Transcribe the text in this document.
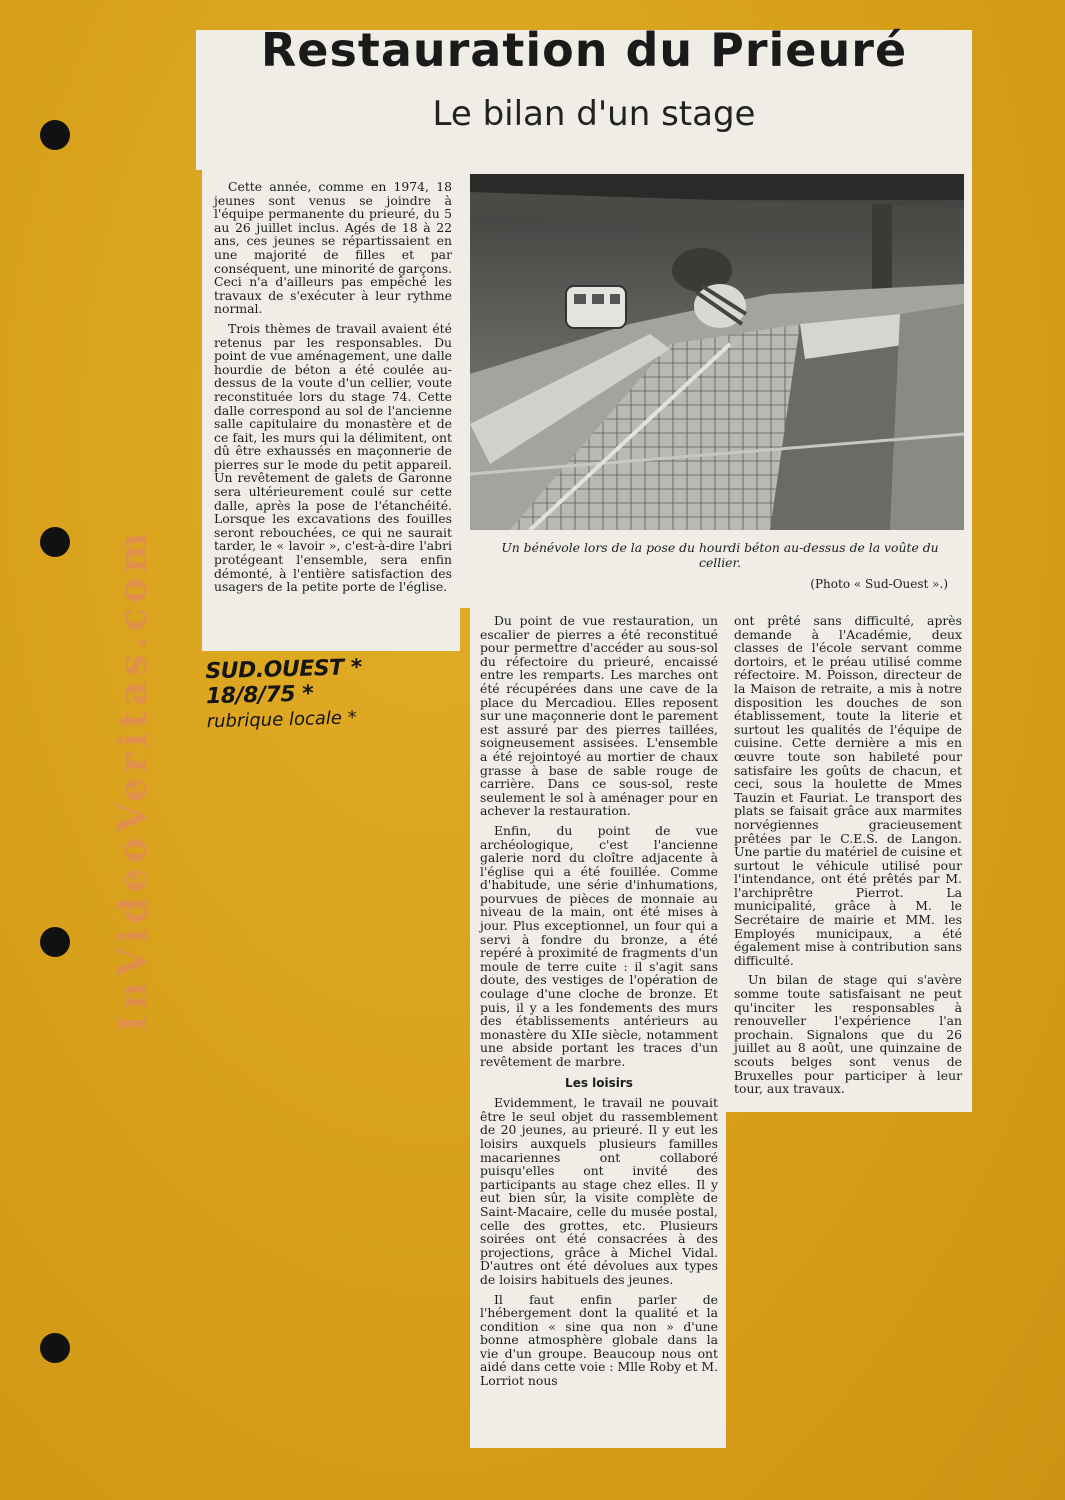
InVideoVeritas.com
Restauration du Prieuré
Le bilan d'un stage

Cette année, comme en 1974, 18 jeunes sont venus se joindre à l'équipe permanente du prieuré, du 5 au 26 juillet inclus. Agés de 18 à 22 ans, ces jeunes se répartissaient en une majorité de filles et par conséquent, une minorité de garçons. Ceci n'a d'ailleurs pas empêché les travaux de s'exécuter à leur rythme normal.

Trois thèmes de travail avaient été retenus par les responsables. Du point de vue aménagement, une dalle hourdie de béton a été coulée au-dessus de la voute d'un cellier, voute reconstituée lors du stage 74. Cette dalle correspond au sol de l'ancienne salle capitulaire du monastère et de ce fait, les murs qui la délimitent, ont dû être exhaussés en maçonnerie de pierres sur le mode du petit appareil. Un revêtement de galets de Garonne sera ultérieurement coulé sur cette dalle, après la pose de l'étanchéité. Lorsque les excavations des fouilles seront rebouchées, ce qui ne saurait tarder, le « lavoir », c'est-à-dire l'abri protégeant l'ensemble, sera enfin démonté, à l'entière satisfaction des usagers de la petite porte de l'église.

Un bénévole lors de la pose du hourdi béton au-dessus de la voûte du cellier.
(Photo « Sud-Ouest ».)
SUD.OUEST * 18/8/75 *
rubrique locale *

Du point de vue restauration, un escalier de pierres a été reconstitué pour permettre d'accéder au sous-sol du réfectoire du prieuré, encaissé entre les remparts. Les marches ont été récupérées dans une cave de la place du Mercadiou. Elles reposent sur une maçonnerie dont le parement est assuré par des pierres taillées, soigneusement assisées. L'ensemble a été rejointoyé au mortier de chaux grasse à base de sable rouge de carrière. Dans ce sous-sol, reste seulement le sol à aménager pour en achever la restauration.

Enfin, du point de vue archéologique, c'est l'ancienne galerie nord du cloître adjacente à l'église qui a été fouillée. Comme d'habitude, une série d'inhumations, pourvues de pièces de monnaie au niveau de la main, ont été mises à jour. Plus exceptionnel, un four qui a servi à fondre du bronze, a été repéré à proximité de fragments d'un moule de terre cuite : il s'agit sans doute, des vestiges de l'opération de coulage d'une cloche de bronze. Et puis, il y a les fondements des murs des établissements antérieurs au monastère du XIIe siècle, notamment une abside portant les traces d'un revêtement de marbre.

Les loisirs

Evidemment, le travail ne pouvait être le seul objet du rassemblement de 20 jeunes, au prieuré. Il y eut les loisirs auxquels plusieurs familles macariennes ont collaboré puisqu'elles ont invité des participants au stage chez elles. Il y eut bien sûr, la visite complète de Saint-Macaire, celle du musée postal, celle des grottes, etc. Plusieurs soirées ont été consacrées à des projections, grâce à Michel Vidal. D'autres ont été dévolues aux types de loisirs habituels des jeunes.

Il faut enfin parler de l'hébergement dont la qualité et la condition « sine qua non » d'une bonne atmosphère globale dans la vie d'un groupe. Beaucoup nous ont aidé dans cette voie : Mlle Roby et M. Lorriot nous

ont prêté sans difficulté, après demande à l'Académie, deux classes de l'école servant comme dortoirs, et le préau utilisé comme réfectoire. M. Poisson, directeur de la Maison de retraite, a mis à notre disposition les douches de son établissement, toute la literie et surtout les qualités de l'équipe de cuisine. Cette dernière a mis en œuvre toute son habileté pour satisfaire les goûts de chacun, et ceci, sous la houlette de Mmes Tauzin et Fauriat. Le transport des plats se faisait grâce aux marmites norvégiennes gracieusement prêtées par le C.E.S. de Langon. Une partie du matériel de cuisine et surtout le véhicule utilisé pour l'intendance, ont été prêtés par M. l'archiprêtre Pierrot. La municipalité, grâce à M. le Secrétaire de mairie et MM. les Employés municipaux, a été également mise à contribution sans difficulté.

Un bilan de stage qui s'avère somme toute satisfaisant ne peut qu'inciter les responsables à renouveller l'expérience l'an prochain. Signalons que du 26 juillet au 8 août, une quinzaine de scouts belges sont venus de Bruxelles pour participer à leur tour, aux travaux.
